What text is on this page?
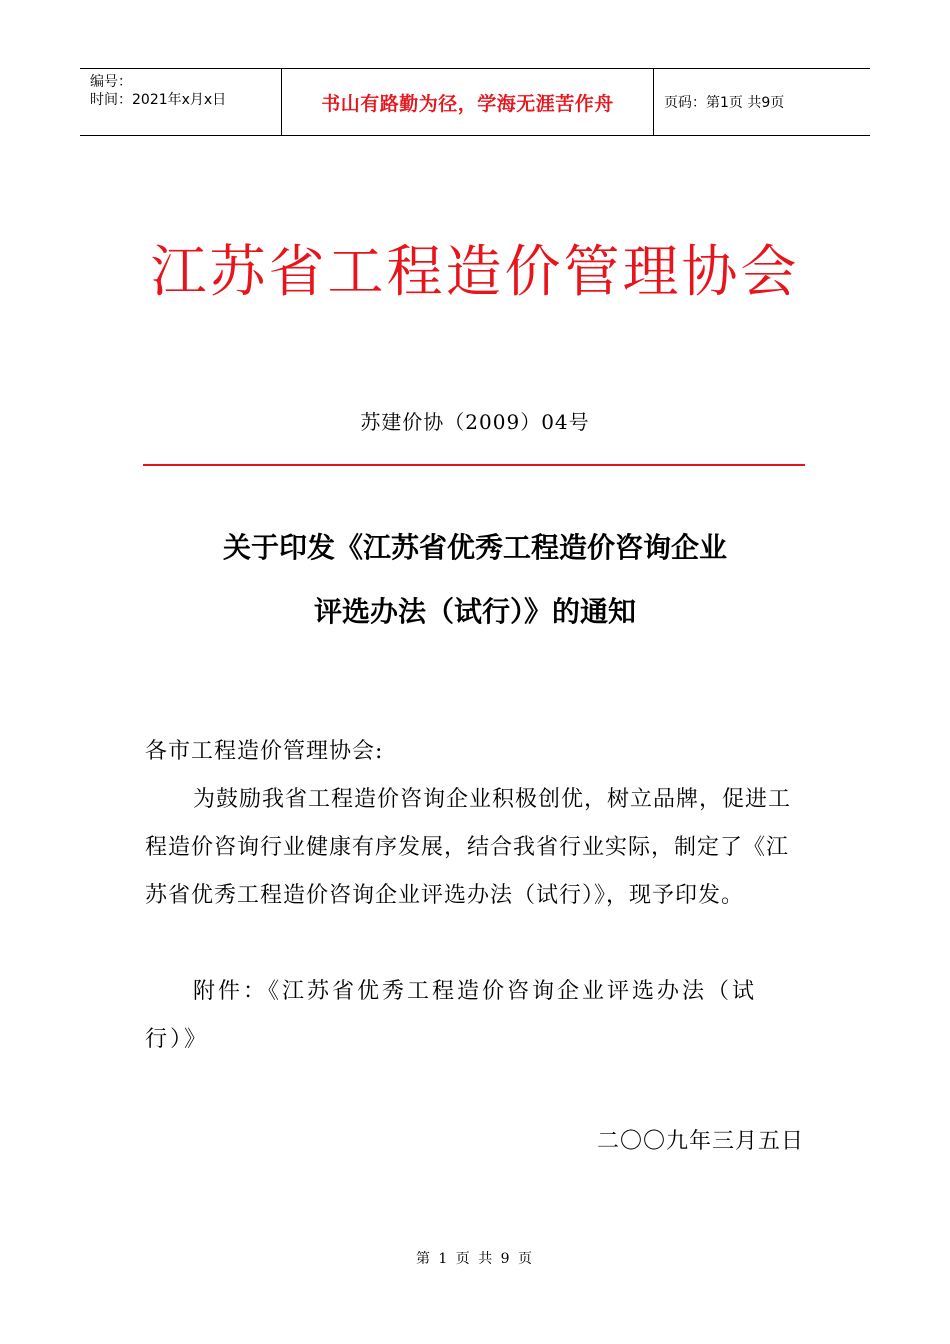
编号：
时间：2021年x月x日	书山有路勤为径，学海无涯苦作舟	页码：第1页 共9页
江苏省工程造价管理协会
苏建价协（2009）04号
关于印发《江苏省优秀工程造价咨询企业
评选办法（试行）》的通知
各市工程造价管理协会:
为鼓励我省工程造价咨询企业积极创优，树立品牌，促进工程造价咨询行业健康有序发展，结合我省行业实际，制定了《江苏省优秀工程造价咨询企业评选办法（试行）》，现予印发。
附件：《江苏省优秀工程造价咨询企业评选办法（试行）》
二〇〇九年三月五日
第 1 页 共 9 页
